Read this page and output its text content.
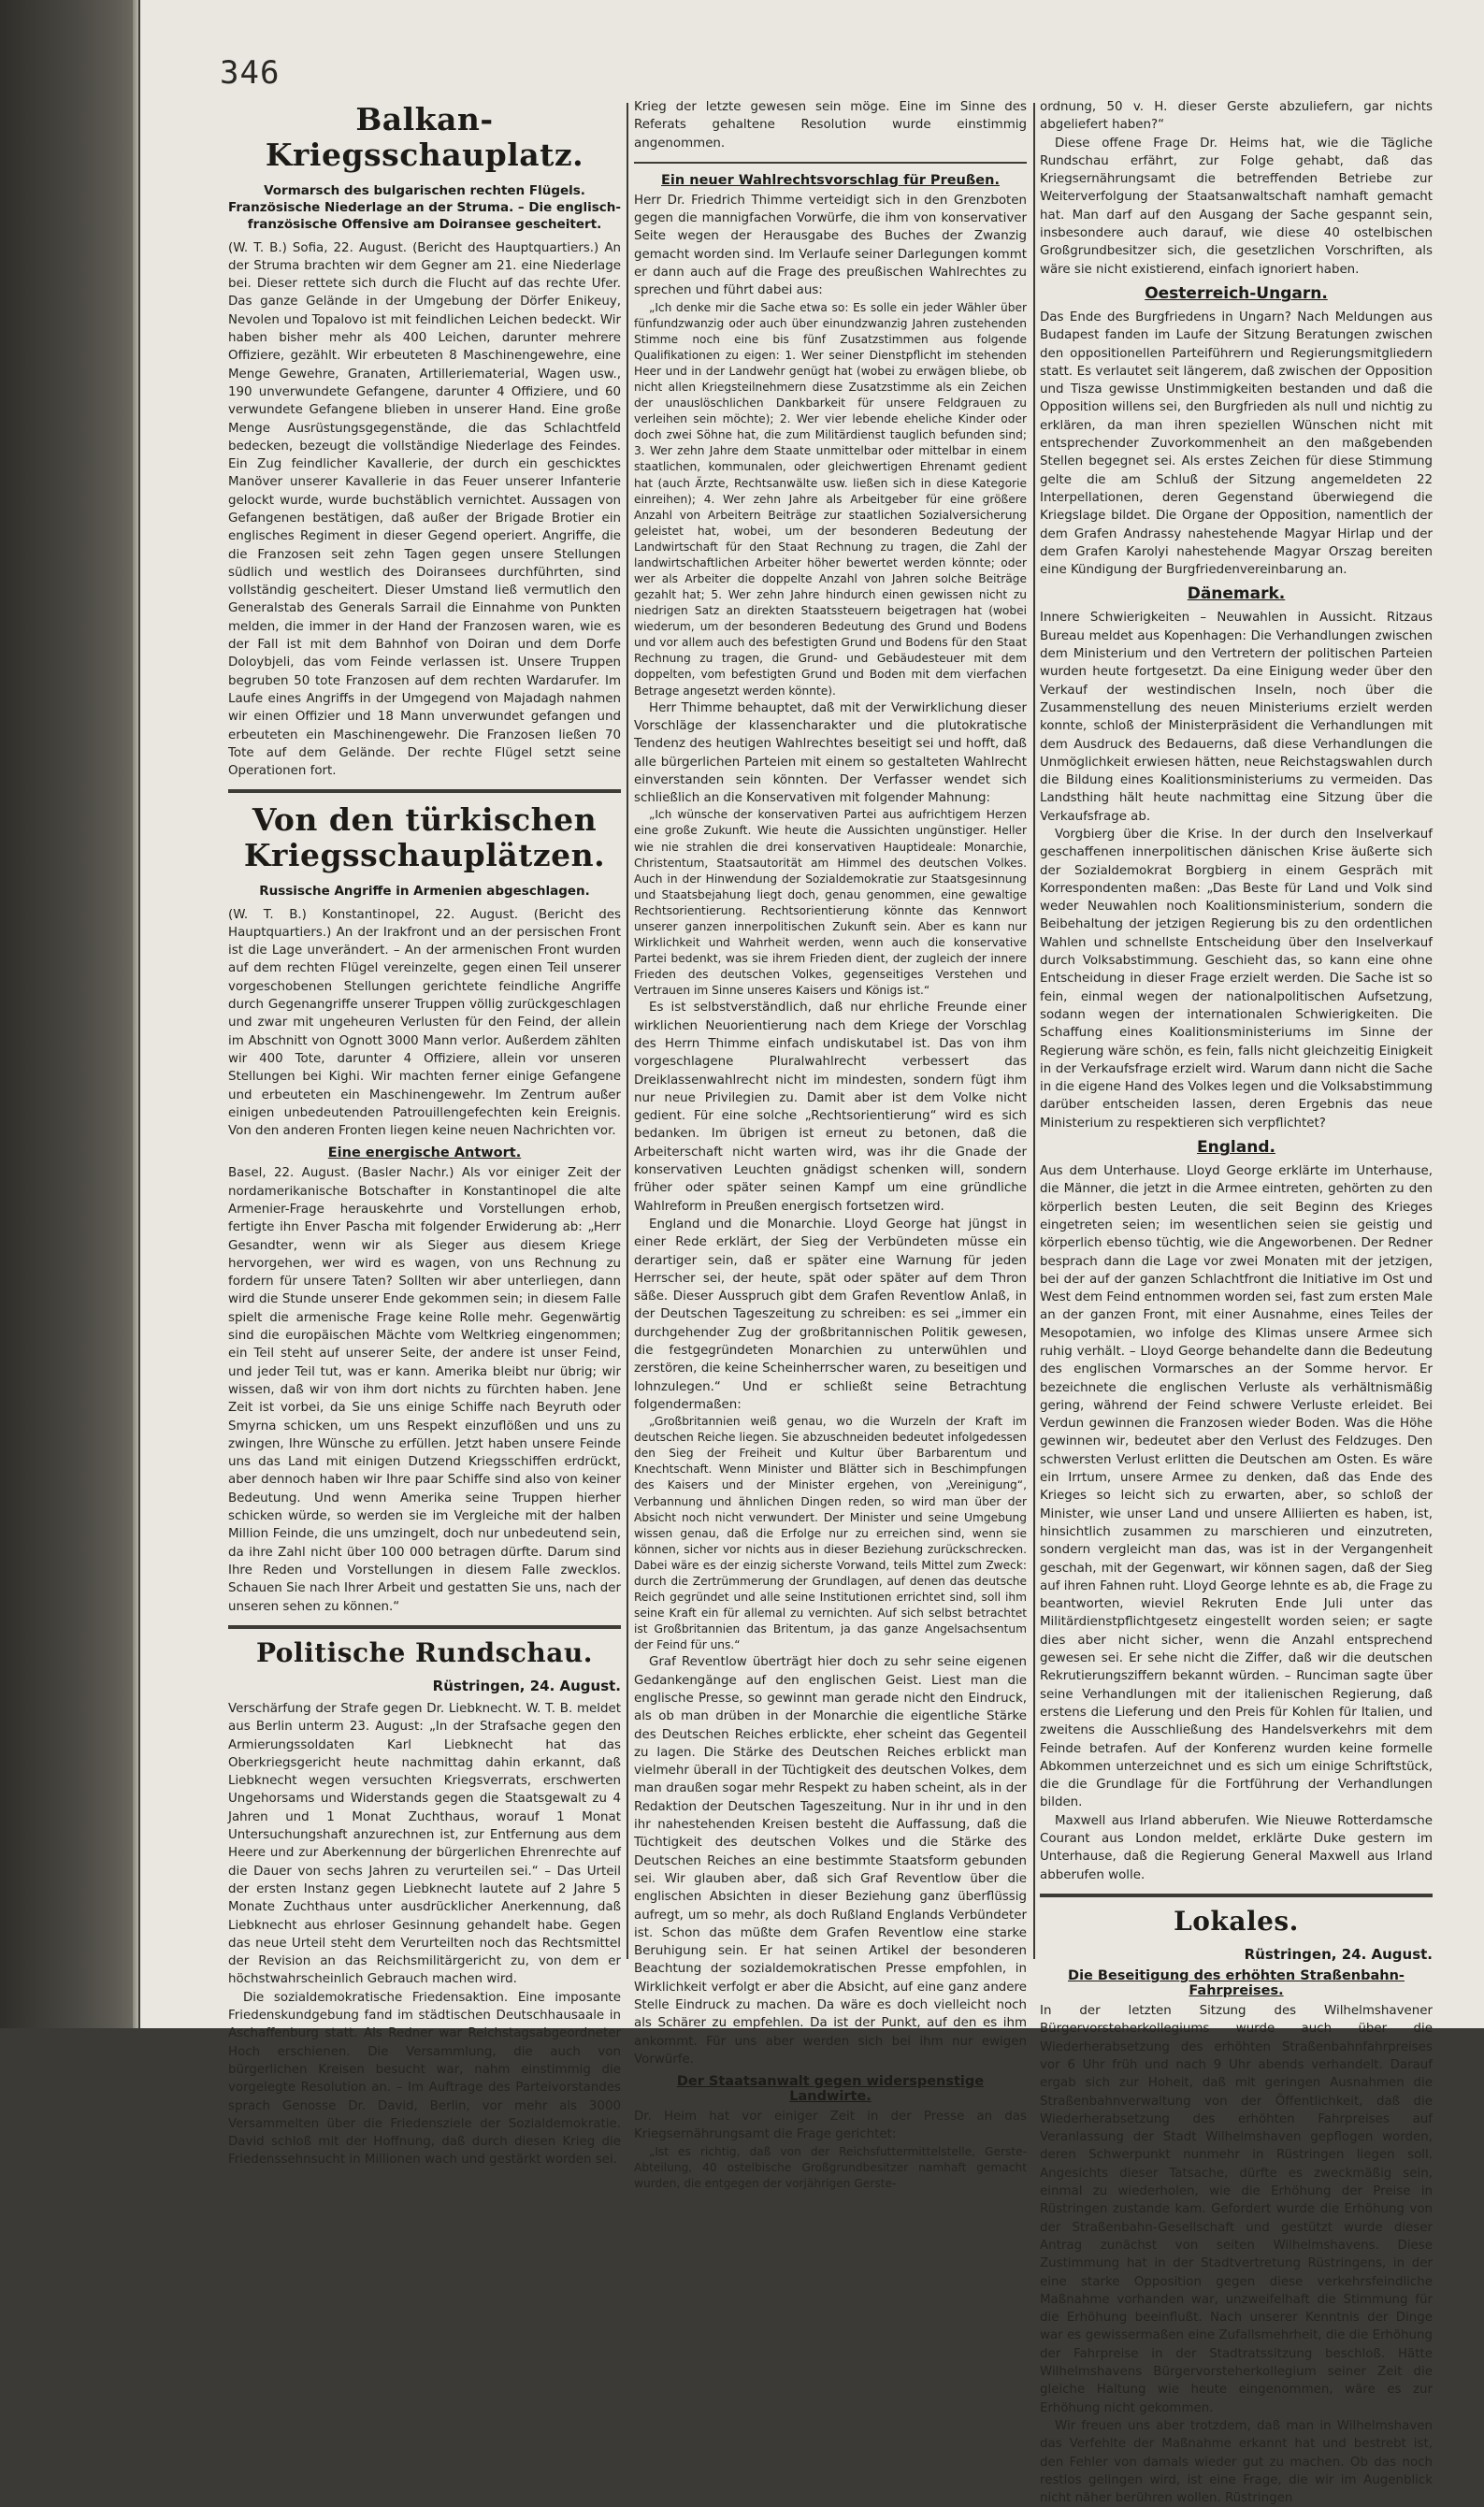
346
Balkan-Kriegsschauplatz.
Vormarsch des bulgarischen rechten Flügels. Französische Niederlage an der Struma. – Die englisch-französische Offensive am Doiransee gescheitert.

(W. T. B.) Sofia, 22. August. (Bericht des Hauptquartiers.) An der Struma brachten wir dem Gegner am 21. eine Niederlage bei. Dieser rettete sich durch die Flucht auf das rechte Ufer. Das ganze Gelände in der Umgebung der Dörfer Enikeuy, Nevolen und Topalovo ist mit feindlichen Leichen bedeckt. Wir haben bisher mehr als 400 Leichen, darunter mehrere Offiziere, gezählt. Wir erbeuteten 8 Maschinengewehre, eine Menge Gewehre, Granaten, Artilleriematerial, Wagen usw., 190 unverwundete Gefangene, darunter 4 Offiziere, und 60 verwundete Gefangene blieben in unserer Hand. Eine große Menge Ausrüstungsgegenstände, die das Schlachtfeld bedecken, bezeugt die vollständige Niederlage des Feindes. Ein Zug feindlicher Kavallerie, der durch ein geschicktes Manöver unserer Kavallerie in das Feuer unserer Infanterie gelockt wurde, wurde buchstäblich vernichtet. Aussagen von Gefangenen bestätigen, daß außer der Brigade Brotier ein englisches Regiment in dieser Gegend operiert. Angriffe, die die Franzosen seit zehn Tagen gegen unsere Stellungen südlich und westlich des Doiransees durchführten, sind vollständig gescheitert. Dieser Umstand ließ vermutlich den Generalstab des Generals Sarrail die Einnahme von Punkten melden, die immer in der Hand der Franzosen waren, wie es der Fall ist mit dem Bahnhof von Doiran und dem Dorfe Doloybjeli, das vom Feinde verlassen ist. Unsere Truppen begruben 50 tote Franzosen auf dem rechten Wardarufer. Im Laufe eines Angriffs in der Umgegend von Majadagh nahmen wir einen Offizier und 18 Mann unverwundet gefangen und erbeuteten ein Maschinengewehr. Die Franzosen ließen 70 Tote auf dem Gelände. Der rechte Flügel setzt seine Operationen fort.

Von den türkischen Kriegsschauplätzen.
Russische Angriffe in Armenien abgeschlagen.

(W. T. B.) Konstantinopel, 22. August. (Bericht des Hauptquartiers.) An der Irakfront und an der persischen Front ist die Lage unverändert. – An der armenischen Front wurden auf dem rechten Flügel vereinzelte, gegen einen Teil unserer vorgeschobenen Stellungen gerichtete feindliche Angriffe durch Gegenangriffe unserer Truppen völlig zurückgeschlagen und zwar mit ungeheuren Verlusten für den Feind, der allein im Abschnitt von Ognott 3000 Mann verlor. Außerdem zählten wir 400 Tote, darunter 4 Offiziere, allein vor unseren Stellungen bei Kighi. Wir machten ferner einige Gefangene und erbeuteten ein Maschinengewehr. Im Zentrum außer einigen unbedeutenden Patrouillengefechten kein Ereignis. Von den anderen Fronten liegen keine neuen Nachrichten vor.

Eine energische Antwort.

Basel, 22. August. (Basler Nachr.) Als vor einiger Zeit der nordamerikanische Botschafter in Konstantinopel die alte Armenier-Frage herauskehrte und Vorstellungen erhob, fertigte ihn Enver Pascha mit folgender Erwiderung ab: „Herr Gesandter, wenn wir als Sieger aus diesem Kriege hervorgehen, wer wird es wagen, von uns Rechnung zu fordern für unsere Taten? Sollten wir aber unterliegen, dann wird die Stunde unserer Ende gekommen sein; in diesem Falle spielt die armenische Frage keine Rolle mehr. Gegenwärtig sind die europäischen Mächte vom Weltkrieg eingenommen; ein Teil steht auf unserer Seite, der andere ist unser Feind, und jeder Teil tut, was er kann. Amerika bleibt nur übrig; wir wissen, daß wir von ihm dort nichts zu fürchten haben. Jene Zeit ist vorbei, da Sie uns einige Schiffe nach Beyruth oder Smyrna schicken, um uns Respekt einzuflößen und uns zu zwingen, Ihre Wünsche zu erfüllen. Jetzt haben unsere Feinde uns das Land mit einigen Dutzend Kriegsschiffen erdrückt, aber dennoch haben wir Ihre paar Schiffe sind also von keiner Bedeutung. Und wenn Amerika seine Truppen hierher schicken würde, so werden sie im Vergleiche mit der halben Million Feinde, die uns umzingelt, doch nur unbedeutend sein, da ihre Zahl nicht über 100 000 betragen dürfte. Darum sind Ihre Reden und Vorstellungen in diesem Falle zwecklos. Schauen Sie nach Ihrer Arbeit und gestatten Sie uns, nach der unseren sehen zu können.“

Politische Rundschau.
Rüstringen, 24. August.

Verschärfung der Strafe gegen Dr. Liebknecht. W. T. B. meldet aus Berlin unterm 23. August: „In der Strafsache gegen den Armierungssoldaten Karl Liebknecht hat das Oberkriegsgericht heute nachmittag dahin erkannt, daß Liebknecht wegen versuchten Kriegsverrats, erschwerten Ungehorsams und Widerstands gegen die Staatsgewalt zu 4 Jahren und 1 Monat Zuchthaus, worauf 1 Monat Untersuchungshaft anzurechnen ist, zur Entfernung aus dem Heere und zur Aberkennung der bürgerlichen Ehrenrechte auf die Dauer von sechs Jahren zu verurteilen sei.“ – Das Urteil der ersten Instanz gegen Liebknecht lautete auf 2 Jahre 5 Monate Zuchthaus unter ausdrücklicher Anerkennung, daß Liebknecht aus ehrloser Gesinnung gehandelt habe. Gegen das neue Urteil steht dem Verurteilten noch das Rechtsmittel der Revision an das Reichsmilitärgericht zu, von dem er höchstwahrscheinlich Gebrauch machen wird.

Die sozialdemokratische Friedensaktion. Eine imposante Friedenskundgebung fand im städtischen Deutschhausaale in Aschaffenburg statt. Als Redner war Reichstagsabgeordneter Hoch erschienen. Die Versammlung, die auch von bürgerlichen Kreisen besucht war, nahm einstimmig die vorgelegte Resolution an. – Im Auftrage des Parteivorstandes sprach Genosse Dr. David, Berlin, vor mehr als 3000 Versammelten über die Friedensziele der Sozialdemokratie. David schloß mit der Hoffnung, daß durch diesen Krieg die Friedenssehnsucht in Millionen wach und gestärkt worden sei.

Krieg der letzte gewesen sein möge. Eine im Sinne des Referats gehaltene Resolution wurde einstimmig angenommen.

Ein neuer Wahlrechtsvorschlag für Preußen.

Herr Dr. Friedrich Thimme verteidigt sich in den Grenzboten gegen die mannigfachen Vorwürfe, die ihm von konservativer Seite wegen der Herausgabe des Buches der Zwanzig gemacht worden sind. Im Verlaufe seiner Darlegungen kommt er dann auch auf die Frage des preußischen Wahlrechtes zu sprechen und führt dabei aus:

„Ich denke mir die Sache etwa so: Es solle ein jeder Wähler über fünfundzwanzig oder auch über einundzwanzig Jahren zustehenden Stimme noch eine bis fünf Zusatzstimmen aus folgende Qualifikationen zu eigen: 1. Wer seiner Dienstpflicht im stehenden Heer und in der Landwehr genügt hat (wobei zu erwägen bliebe, ob nicht allen Kriegsteilnehmern diese Zusatzstimme als ein Zeichen der unauslöschlichen Dankbarkeit für unsere Feldgrauen zu verleihen sein möchte); 2. Wer vier lebende eheliche Kinder oder doch zwei Söhne hat, die zum Militärdienst tauglich befunden sind; 3. Wer zehn Jahre dem Staate unmittelbar oder mittelbar in einem staatlichen, kommunalen, oder gleichwertigen Ehrenamt gedient hat (auch Ärzte, Rechtsanwälte usw. ließen sich in diese Kategorie einreihen); 4. Wer zehn Jahre als Arbeitgeber für eine größere Anzahl von Arbeitern Beiträge zur staatlichen Sozialversicherung geleistet hat, wobei, um der besonderen Bedeutung der Landwirtschaft für den Staat Rechnung zu tragen, die Zahl der landwirtschaftlichen Arbeiter höher bewertet werden könnte; oder wer als Arbeiter die doppelte Anzahl von Jahren solche Beiträge gezahlt hat; 5. Wer zehn Jahre hindurch einen gewissen nicht zu niedrigen Satz an direkten Staatssteuern beigetragen hat (wobei wiederum, um der besonderen Bedeutung des Grund und Bodens und vor allem auch des befestigten Grund und Bodens für den Staat Rechnung zu tragen, die Grund- und Gebäudesteuer mit dem doppelten, vom befestigten Grund und Boden mit dem vierfachen Betrage angesetzt werden könnte).

Herr Thimme behauptet, daß mit der Verwirklichung dieser Vorschläge der klassencharakter und die plutokratische Tendenz des heutigen Wahlrechtes beseitigt sei und hofft, daß alle bürgerlichen Parteien mit einem so gestalteten Wahlrecht einverstanden sein könnten. Der Verfasser wendet sich schließlich an die Konservativen mit folgender Mahnung:

„Ich wünsche der konservativen Partei aus aufrichtigem Herzen eine große Zukunft. Wie heute die Aussichten ungünstiger. Heller wie nie strahlen die drei konservativen Hauptideale: Monarchie, Christentum, Staatsautorität am Himmel des deutschen Volkes. Auch in der Hinwendung der Sozialdemokratie zur Staatsgesinnung und Staatsbejahung liegt doch, genau genommen, eine gewaltige Rechtsorientierung. Rechtsorientierung könnte das Kennwort unserer ganzen innerpolitischen Zukunft sein. Aber es kann nur Wirklichkeit und Wahrheit werden, wenn auch die konservative Partei bedenkt, was sie ihrem Frieden dient, der zugleich der innere Frieden des deutschen Volkes, gegenseitiges Verstehen und Vertrauen im Sinne unseres Kaisers und Königs ist.“

Es ist selbstverständlich, daß nur ehrliche Freunde einer wirklichen Neuorientierung nach dem Kriege der Vorschlag des Herrn Thimme einfach undiskutabel ist. Das von ihm vorgeschlagene Pluralwahlrecht verbessert das Dreiklassenwahlrecht nicht im mindesten, sondern fügt ihm nur neue Privilegien zu. Damit aber ist dem Volke nicht gedient. Für eine solche „Rechtsorientierung“ wird es sich bedanken. Im übrigen ist erneut zu betonen, daß die Arbeiterschaft nicht warten wird, was ihr die Gnade der konservativen Leuchten gnädigst schenken will, sondern früher oder später seinen Kampf um eine gründliche Wahlreform in Preußen energisch fortsetzen wird.

England und die Monarchie. Lloyd George hat jüngst in einer Rede erklärt, der Sieg der Verbündeten müsse ein derartiger sein, daß er später eine Warnung für jeden Herrscher sei, der heute, spät oder später auf dem Thron säße. Dieser Ausspruch gibt dem Grafen Reventlow Anlaß, in der Deutschen Tageszeitung zu schreiben: es sei „immer ein durchgehender Zug der großbritannischen Politik gewesen, die festgegründeten Monarchien zu unterwühlen und zerstören, die keine Scheinherrscher waren, zu beseitigen und lohnzulegen.“ Und er schließt seine Betrachtung folgendermaßen:

„Großbritannien weiß genau, wo die Wurzeln der Kraft im deutschen Reiche liegen. Sie abzuschneiden bedeutet infolgedessen den Sieg der Freiheit und Kultur über Barbarentum und Knechtschaft. Wenn Minister und Blätter sich in Beschimpfungen des Kaisers und der Minister ergehen, von „Vereinigung“, Verbannung und ähnlichen Dingen reden, so wird man über der Absicht noch nicht verwundert. Der Minister und seine Umgebung wissen genau, daß die Erfolge nur zu erreichen sind, wenn sie können, sicher vor nichts aus in dieser Beziehung zurückschrecken. Dabei wäre es der einzig sicherste Vorwand, teils Mittel zum Zweck: durch die Zertrümmerung der Grundlagen, auf denen das deutsche Reich gegründet und alle seine Institutionen errichtet sind, soll ihm seine Kraft ein für allemal zu vernichten. Auf sich selbst betrachtet ist Großbritannien das Britentum, ja das ganze Angelsachsentum der Feind für uns.“

Graf Reventlow überträgt hier doch zu sehr seine eigenen Gedankengänge auf den englischen Geist. Liest man die englische Presse, so gewinnt man gerade nicht den Eindruck, als ob man drüben in der Monarchie die eigentliche Stärke des Deutschen Reiches erblickte, eher scheint das Gegenteil zu lagen. Die Stärke des Deutschen Reiches erblickt man vielmehr überall in der Tüchtigkeit des deutschen Volkes, dem man draußen sogar mehr Respekt zu haben scheint, als in der Redaktion der Deutschen Tageszeitung. Nur in ihr und in den ihr nahestehenden Kreisen besteht die Auffassung, daß die Tüchtigkeit des deutschen Volkes und die Stärke des Deutschen Reiches an eine bestimmte Staatsform gebunden sei. Wir glauben aber, daß sich Graf Reventlow über die englischen Absichten in dieser Beziehung ganz überflüssig aufregt, um so mehr, als doch Rußland Englands Verbündeter ist. Schon das müßte dem Grafen Reventlow eine starke Beruhigung sein. Er hat seinen Artikel der besonderen Beachtung der sozialdemokratischen Presse empfohlen, in Wirklichkeit verfolgt er aber die Absicht, auf eine ganz andere Stelle Eindruck zu machen. Da wäre es doch vielleicht noch als Schärer zu empfehlen. Da ist der Punkt, auf den es ihm ankommt. Für uns aber werden sich bei ihm nur ewigen Vorwürfe.

Der Staatsanwalt gegen widerspenstige Landwirte.

Dr. Heim hat vor einiger Zeit in der Presse an das Kriegsernährungsamt die Frage gerichtet:

„Ist es richtig, daß von der Reichsfuttermittelstelle, Gerste-Abteilung, 40 ostelbische Großgrundbesitzer namhaft gemacht wurden, die entgegen der vorjährigen Gerste-

ordnung, 50 v. H. dieser Gerste abzuliefern, gar nichts abgeliefert haben?“

Diese offene Frage Dr. Heims hat, wie die Tägliche Rundschau erfährt, zur Folge gehabt, daß das Kriegsernährungsamt die betreffenden Betriebe zur Weiterverfolgung der Staatsanwaltschaft namhaft gemacht hat. Man darf auf den Ausgang der Sache gespannt sein, insbesondere auch darauf, wie diese 40 ostelbischen Großgrundbesitzer sich, die gesetzlichen Vorschriften, als wäre sie nicht existierend, einfach ignoriert haben.

Oesterreich-Ungarn.

Das Ende des Burgfriedens in Ungarn? Nach Meldungen aus Budapest fanden im Laufe der Sitzung Beratungen zwischen den oppositionellen Parteiführern und Regierungsmitgliedern statt. Es verlautet seit längerem, daß zwischen der Opposition und Tisza gewisse Unstimmigkeiten bestanden und daß die Opposition willens sei, den Burgfrieden als null und nichtig zu erklären, da man ihren speziellen Wünschen nicht mit entsprechender Zuvorkommenheit an den maßgebenden Stellen begegnet sei. Als erstes Zeichen für diese Stimmung gelte die am Schluß der Sitzung angemeldeten 22 Interpellationen, deren Gegenstand überwiegend die Kriegslage bildet. Die Organe der Opposition, namentlich der dem Grafen Andrassy nahestehende Magyar Hirlap und der dem Grafen Karolyi nahestehende Magyar Orszag bereiten eine Kündigung der Burgfriedenvereinbarung an.

Dänemark.

Innere Schwierigkeiten – Neuwahlen in Aussicht. Ritzaus Bureau meldet aus Kopenhagen: Die Verhandlungen zwischen dem Ministerium und den Vertretern der politischen Parteien wurden heute fortgesetzt. Da eine Einigung weder über den Verkauf der westindischen Inseln, noch über die Zusammenstellung des neuen Ministeriums erzielt werden konnte, schloß der Ministerpräsident die Verhandlungen mit dem Ausdruck des Bedauerns, daß diese Verhandlungen die Unmöglichkeit erwiesen hätten, neue Reichstagswahlen durch die Bildung eines Koalitionsministeriums zu vermeiden. Das Landsthing hält heute nachmittag eine Sitzung über die Verkaufsfrage ab.

Vorgbierg über die Krise. In der durch den Inselverkauf geschaffenen innerpolitischen dänischen Krise äußerte sich der Sozialdemokrat Borgbierg in einem Gespräch mit Korrespondenten maßen: „Das Beste für Land und Volk sind weder Neuwahlen noch Koalitionsministerium, sondern die Beibehaltung der jetzigen Regierung bis zu den ordentlichen Wahlen und schnellste Entscheidung über den Inselverkauf durch Volksabstimmung. Geschieht das, so kann eine ohne Entscheidung in dieser Frage erzielt werden. Die Sache ist so fein, einmal wegen der nationalpolitischen Aufsetzung, sodann wegen der internationalen Schwierigkeiten. Die Schaffung eines Koalitionsministeriums im Sinne der Regierung wäre schön, es fein, falls nicht gleichzeitig Einigkeit in der Verkaufsfrage erzielt wird. Warum dann nicht die Sache in die eigene Hand des Volkes legen und die Volksabstimmung darüber entscheiden lassen, deren Ergebnis das neue Ministerium zu respektieren sich verpflichtet?

England.

Aus dem Unterhause. Lloyd George erklärte im Unterhause, die Männer, die jetzt in die Armee eintreten, gehörten zu den körperlich besten Leuten, die seit Beginn des Krieges eingetreten seien; im wesentlichen seien sie geistig und körperlich ebenso tüchtig, wie die Angeworbenen. Der Redner besprach dann die Lage vor zwei Monaten mit der jetzigen, bei der auf der ganzen Schlachtfront die Initiative im Ost und West dem Feind entnommen worden sei, fast zum ersten Male an der ganzen Front, mit einer Ausnahme, eines Teiles der Mesopotamien, wo infolge des Klimas unsere Armee sich ruhig verhält. – Lloyd George behandelte dann die Bedeutung des englischen Vormarsches an der Somme hervor. Er bezeichnete die englischen Verluste als verhältnismäßig gering, während der Feind schwere Verluste erleidet. Bei Verdun gewinnen die Franzosen wieder Boden. Was die Höhe gewinnen wir, bedeutet aber den Verlust des Feldzuges. Den schwersten Verlust erlitten die Deutschen am Osten. Es wäre ein Irrtum, unsere Armee zu denken, daß das Ende des Krieges so leicht sich zu erwarten, aber, so schloß der Minister, wie unser Land und unsere Alliierten es haben, ist, hinsichtlich zusammen zu marschieren und einzutreten, sondern vergleicht man das, was ist in der Vergangenheit geschah, mit der Gegenwart, wir können sagen, daß der Sieg auf ihren Fahnen ruht. Lloyd George lehnte es ab, die Frage zu beantworten, wieviel Rekruten Ende Juli unter das Militärdienstpflichtgesetz eingestellt worden seien; er sagte dies aber nicht sicher, wenn die Anzahl entsprechend gewesen sei. Er sehe nicht die Ziffer, daß wir die deutschen Rekrutierungsziffern bekannt würden. – Runciman sagte über seine Verhandlungen mit der italienischen Regierung, daß erstens die Lieferung und den Preis für Kohlen für Italien, und zweitens die Ausschließung des Handelsverkehrs mit dem Feinde betrafen. Auf der Konferenz wurden keine formelle Abkommen unterzeichnet und es sich um einige Schriftstück, die die Grundlage für die Fortführung der Verhandlungen bilden.

Maxwell aus Irland abberufen. Wie Nieuwe Rotterdamsche Courant aus London meldet, erklärte Duke gestern im Unterhause, daß die Regierung General Maxwell aus Irland abberufen wolle.

Lokales.
Rüstringen, 24. August.
Die Beseitigung des erhöhten Straßenbahn-Fahrpreises.

In der letzten Sitzung des Wilhelmshavener Bürgervorsteherkollegiums wurde auch über die Wiederherabsetzung des erhöhten Straßenbahnfahrpreises vor 6 Uhr früh und nach 9 Uhr abends verhandelt. Darauf ergab sich zur Hoheit, daß mit geringen Ausnahmen die Straßenbahnverwaltung von der Öffentlichkeit, daß die Wiederherabsetzung des erhöhten Fahrpreises auf Veranlassung der Stadt Wilhelmshaven gepflogen worden, deren Schwerpunkt nunmehr in Rüstringen liegen soll. Angesichts dieser Tatsache, dürfte es zweckmäßig sein, einmal zu wiederholen, wie die Erhöhung der Preise in Rüstringen zustande kam. Gefordert wurde die Erhöhung von der Straßenbahn-Gesellschaft und gestützt wurde dieser Antrag zunächst von seiten Wilhelmshavens. Diese Zustimmung hat in der Stadtvertretung Rüstringens, in der eine starke Opposition gegen diese verkehrsfeindliche Maßnahme vorhanden war, unzweifelhaft die Stimmung für die Erhöhung beeinflußt. Nach unserer Kenntnis der Dinge war es gewissermaßen eine Zufallsmehrheit, die die Erhöhung der Fahrpreise in der Stadtratssitzung beschloß. Hätte Wilhelmshavens Bürgervorsteherkollegium seiner Zeit die gleiche Haltung wie heute eingenommen, wäre es zur Erhöhung nicht gekommen.

Wir freuen uns aber trotzdem, daß man in Wilhelmshaven das Verfehlte der Maßnahme erkannt hat und bestrebt ist, den Fehler von damals wieder gut zu machen. Ob das noch restlos gelingen wird, ist eine Frage, die wir im Augenblick nicht näher berühren wollen. Rüstringen
